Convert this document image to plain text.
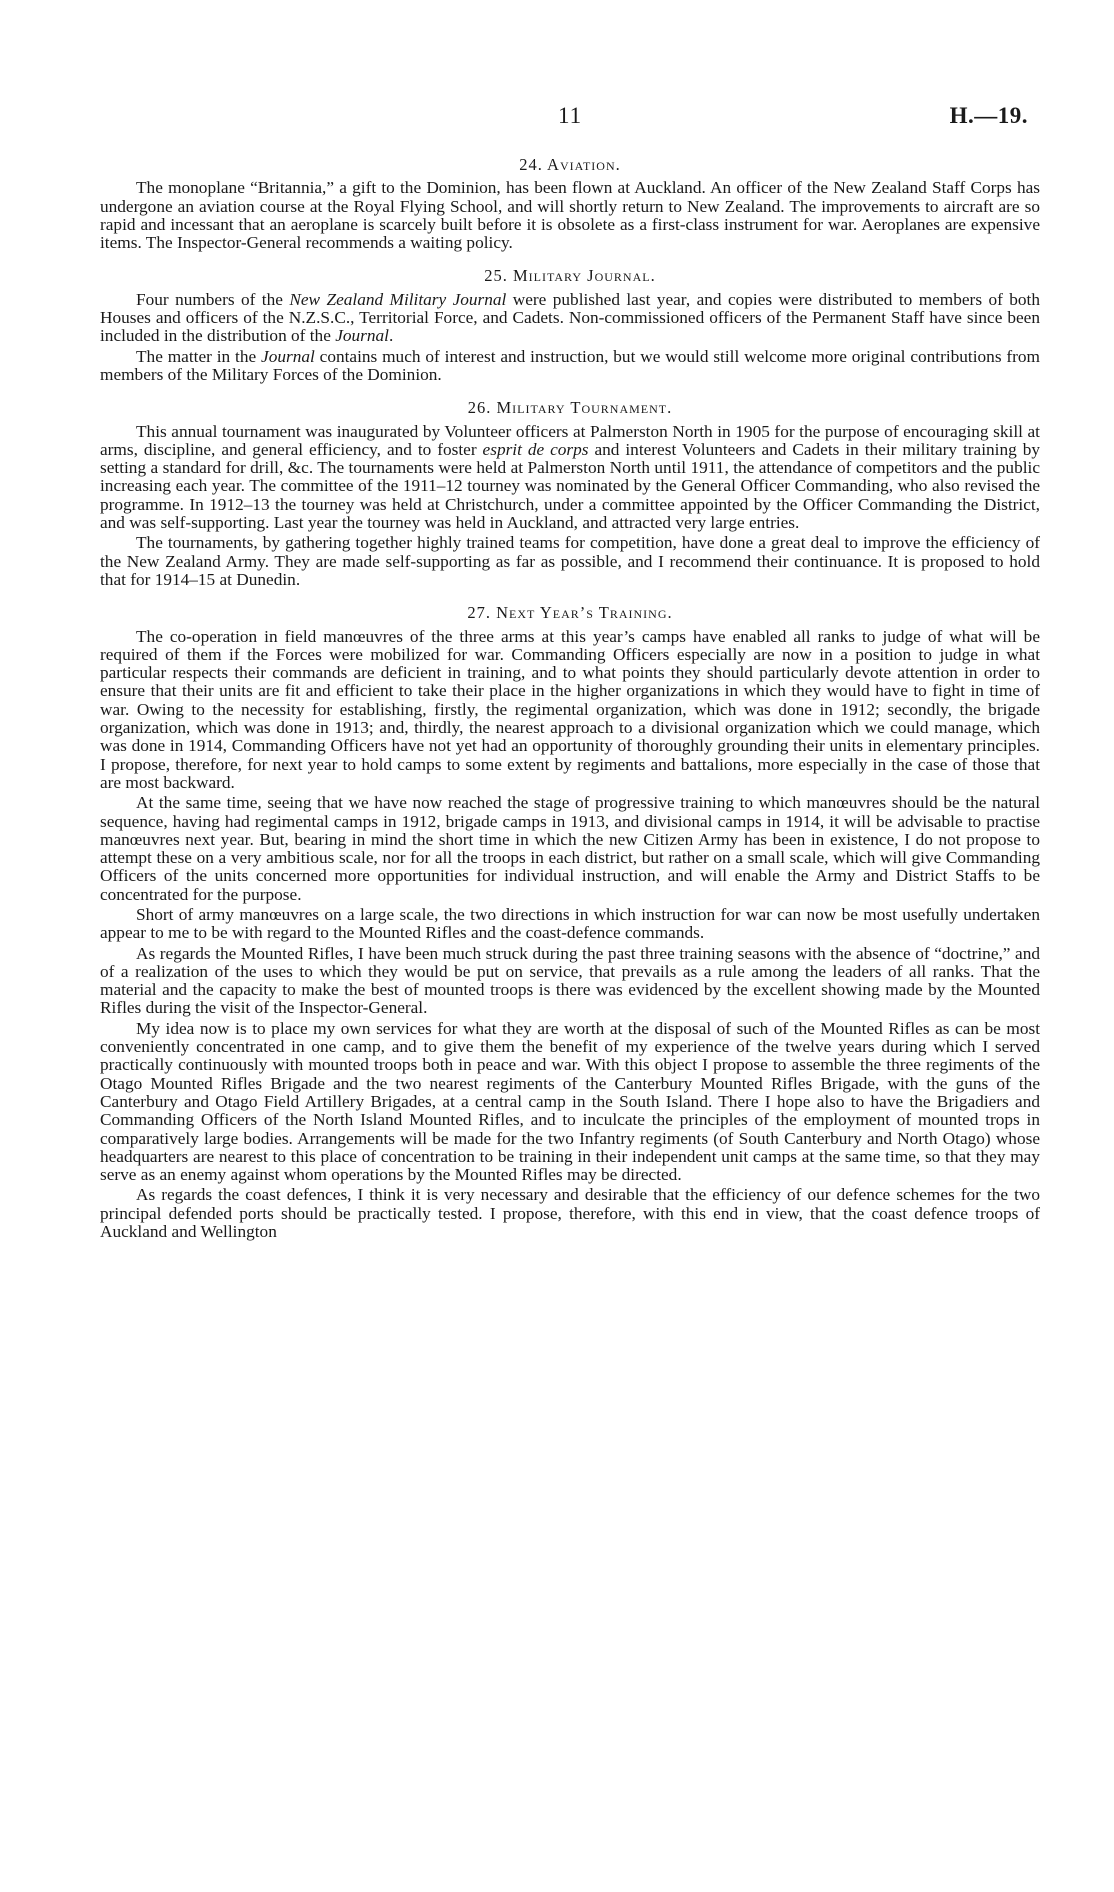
11	H.—19.
24. Aviation.

The monoplane “Britannia,” a gift to the Dominion, has been flown at Auckland. An officer of the New Zealand Staff Corps has undergone an aviation course at the Royal Flying School, and will shortly return to New Zealand. The improvements to aircraft are so rapid and incessant that an aeroplane is scarcely built before it is obsolete as a first-class instrument for war. Aeroplanes are expensive items. The Inspector-General recommends a waiting policy.

25. Military Journal.

Four numbers of the New Zealand Military Journal were published last year, and copies were distributed to members of both Houses and officers of the N.Z.S.C., Territorial Force, and Cadets. Non-commissioned officers of the Permanent Staff have since been included in the distribution of the Journal.

The matter in the Journal contains much of interest and instruction, but we would still welcome more original contributions from members of the Military Forces of the Dominion.

26. Military Tournament.

This annual tournament was inaugurated by Volunteer officers at Palmerston North in 1905 for the purpose of encouraging skill at arms, discipline, and general efficiency, and to foster esprit de corps and interest Volunteers and Cadets in their military training by setting a standard for drill, &c. The tournaments were held at Palmerston North until 1911, the attendance of competitors and the public increasing each year. The committee of the 1911–12 tourney was nominated by the General Officer Commanding, who also revised the programme. In 1912–13 the tourney was held at Christchurch, under a committee appointed by the Officer Commanding the District, and was self-supporting. Last year the tourney was held in Auckland, and attracted very large entries.

The tournaments, by gathering together highly trained teams for competition, have done a great deal to improve the efficiency of the New Zealand Army. They are made self-supporting as far as possible, and I recommend their continuance. It is proposed to hold that for 1914–15 at Dunedin.

27. Next Year’s Training.

The co-operation in field manœuvres of the three arms at this year’s camps have enabled all ranks to judge of what will be required of them if the Forces were mobilized for war. Commanding Officers especially are now in a position to judge in what particular respects their commands are deficient in training, and to what points they should particularly devote attention in order to ensure that their units are fit and efficient to take their place in the higher organizations in which they would have to fight in time of war. Owing to the necessity for establishing, firstly, the regimental organization, which was done in 1912; secondly, the brigade organization, which was done in 1913; and, thirdly, the nearest approach to a divisional organization which we could manage, which was done in 1914, Commanding Officers have not yet had an opportunity of thoroughly grounding their units in elementary principles. I propose, therefore, for next year to hold camps to some extent by regiments and battalions, more especially in the case of those that are most backward.

At the same time, seeing that we have now reached the stage of progressive training to which manœuvres should be the natural sequence, having had regimental camps in 1912, brigade camps in 1913, and divisional camps in 1914, it will be advisable to practise manœuvres next year. But, bearing in mind the short time in which the new Citizen Army has been in existence, I do not propose to attempt these on a very ambitious scale, nor for all the troops in each district, but rather on a small scale, which will give Commanding Officers of the units concerned more opportunities for individual instruction, and will enable the Army and District Staffs to be concentrated for the purpose.

Short of army manœuvres on a large scale, the two directions in which instruction for war can now be most usefully undertaken appear to me to be with regard to the Mounted Rifles and the coast-defence commands.

As regards the Mounted Rifles, I have been much struck during the past three training seasons with the absence of “doctrine,” and of a realization of the uses to which they would be put on service, that prevails as a rule among the leaders of all ranks. That the material and the capacity to make the best of mounted troops is there was evidenced by the excellent showing made by the Mounted Rifles during the visit of the Inspector-General.

My idea now is to place my own services for what they are worth at the disposal of such of the Mounted Rifles as can be most conveniently concentrated in one camp, and to give them the benefit of my experience of the twelve years during which I served practically continuously with mounted troops both in peace and war. With this object I propose to assemble the three regiments of the Otago Mounted Rifles Brigade and the two nearest regiments of the Canterbury Mounted Rifles Brigade, with the guns of the Canterbury and Otago Field Artillery Brigades, at a central camp in the South Island. There I hope also to have the Brigadiers and Commanding Officers of the North Island Mounted Rifles, and to inculcate the principles of the employment of mounted trops in comparatively large bodies. Arrangements will be made for the two Infantry regiments (of South Canterbury and North Otago) whose headquarters are nearest to this place of concentration to be training in their independent unit camps at the same time, so that they may serve as an enemy against whom operations by the Mounted Rifles may be directed.

As regards the coast defences, I think it is very necessary and desirable that the efficiency of our defence schemes for the two principal defended ports should be practically tested. I propose, therefore, with this end in view, that the coast defence troops of Auckland and Wellington
